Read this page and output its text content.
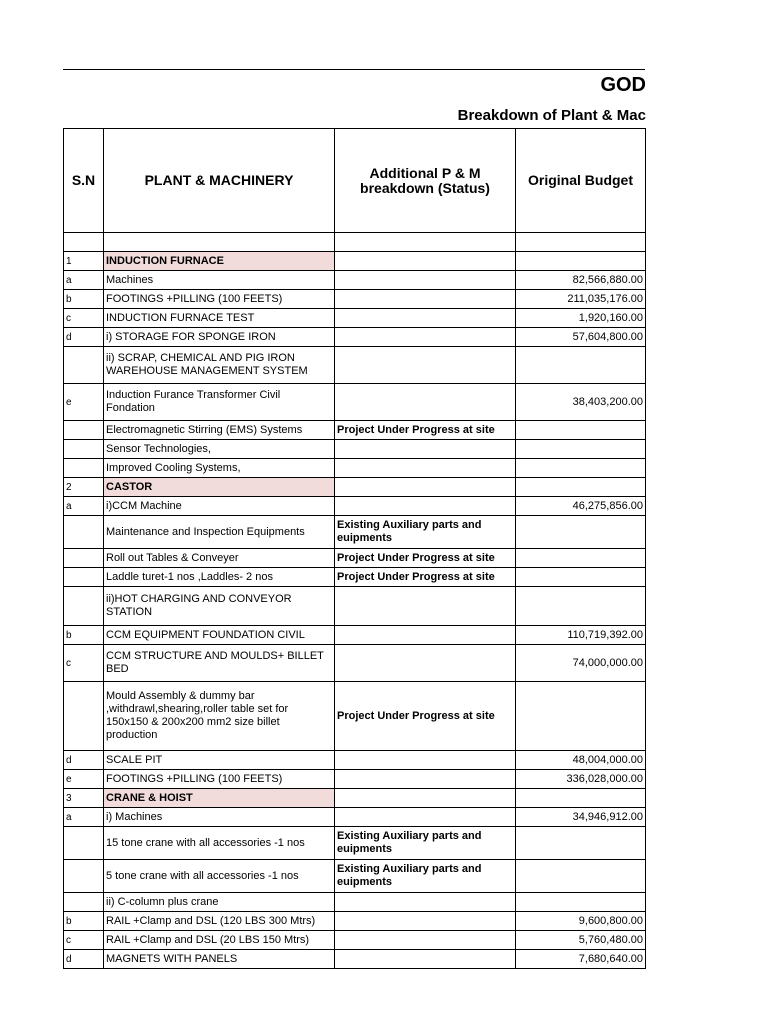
GOD
Breakdown of Plant & Mac
S.N	PLANT & MACHINERY	Additional P & M breakdown (Status)	Original Budget

1	INDUCTION FURNACE		
a	Machines		82,566,880.00
b	FOOTINGS +PILLING (100 FEETS)		211,035,176.00
c	INDUCTION FURNACE TEST		1,920,160.00
d	i) STORAGE FOR SPONGE IRON		57,604,800.00
	ii) SCRAP, CHEMICAL AND PIG IRON WAREHOUSE MANAGEMENT SYSTEM		
e	Induction Furance Transformer Civil Fondation		38,403,200.00
	Electromagnetic Stirring (EMS) Systems	Project Under Progress at site	
	Sensor Technologies,		
	Improved Cooling Systems,		
2	CASTOR		
a	i)CCM Machine		46,275,856.00
	Maintenance and Inspection Equipments	Existing Auxiliary parts and euipments	
	Roll out Tables & Conveyer	Project Under Progress at site	
	Laddle turet-1 nos ,Laddles- 2 nos	Project Under Progress at site	
	ii)HOT CHARGING AND CONVEYOR STATION		
b	CCM EQUIPMENT FOUNDATION CIVIL		110,719,392.00
c	CCM STRUCTURE AND MOULDS+ BILLET BED		74,000,000.00
	Mould Assembly & dummy bar ,withdrawl,shearing,roller table set for 150x150 & 200x200 mm2 size billet production	Project Under Progress at site	
d	SCALE PIT		48,004,000.00
e	FOOTINGS +PILLING (100 FEETS)		336,028,000.00
3	CRANE & HOIST		
a	i) Machines		34,946,912.00
	15 tone crane with all accessories -1 nos	Existing Auxiliary parts and euipments	
	5 tone crane with all accessories -1 nos	Existing Auxiliary parts and euipments	
	ii) C-column plus crane		
b	RAIL +Clamp and DSL (120 LBS 300 Mtrs)		9,600,800.00
c	RAIL +Clamp and DSL (20 LBS 150 Mtrs)		5,760,480.00
d	MAGNETS WITH PANELS		7,680,640.00
